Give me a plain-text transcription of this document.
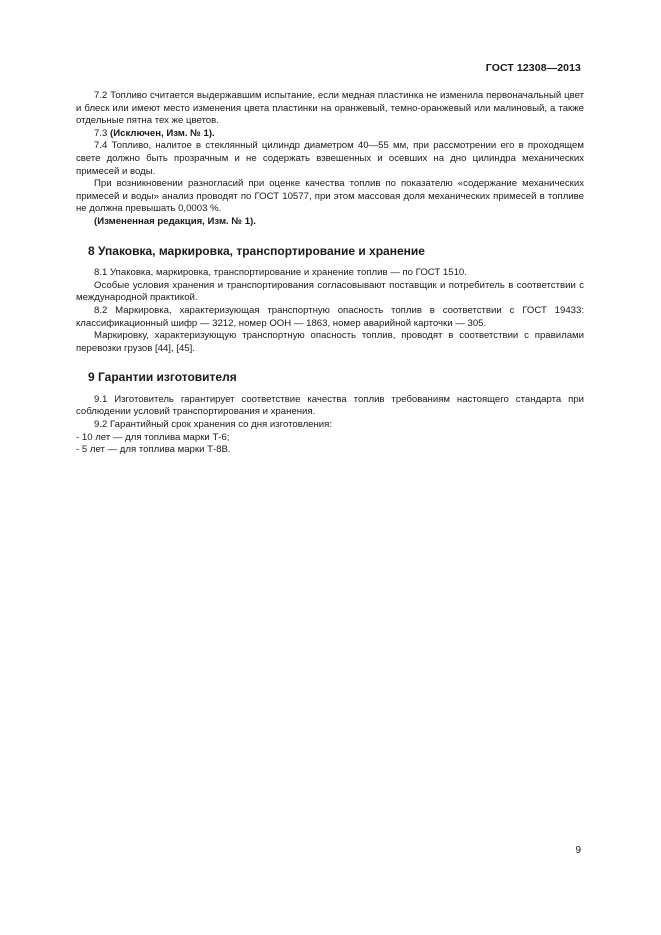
ГОСТ 12308—2013

7.2 Топливо считается выдержавшим испытание, если медная пластинка не изменила первоначальный цвет и блеск или имеют место изменения цвета пластинки на оранжевый, темно-оранжевый или малиновый, а также отдельные пятна тех же цветов.

7.3 (Исключен, Изм. № 1).

7.4 Топливо, налитое в стеклянный цилиндр диаметром 40—55 мм, при рассмотрении его в проходящем свете должно быть прозрачным и не содержать взвешенных и осевших на дно цилиндра механических примесей и воды.

При возникновении разногласий при оценке качества топлив по показателю «содержание механических примесей и воды» анализ проводят по ГОСТ 10577, при этом массовая доля механических примесей в топливе не должна превышать 0,0003 %.

(Измененная редакция, Изм. № 1).

8 Упаковка, маркировка, транспортирование и хранение

8.1 Упаковка, маркировка, транспортирование и хранение топлив — по ГОСТ 1510.

Особые условия хранения и транспортирования согласовывают поставщик и потребитель в соответствии с международной практикой.

8.2 Маркировка, характеризующая транспортную опасность топлив в соответствии с ГОСТ 19433: классификационный шифр — 3212, номер ООН — 1863, номер аварийной карточки — 305.

Маркировку, характеризующую транспортную опасность топлив, проводят в соответствии с правилами перевозки грузов [44], [45].

9 Гарантии изготовителя

9.1 Изготовитель гарантирует соответствие качества топлив требованиям настоящего стандарта при соблюдении условий транспортирования и хранения.

9.2 Гарантийный срок хранения со дня изготовления:

- 10 лет — для топлива марки Т-6;

- 5 лет — для топлива марки Т-8В.

9
